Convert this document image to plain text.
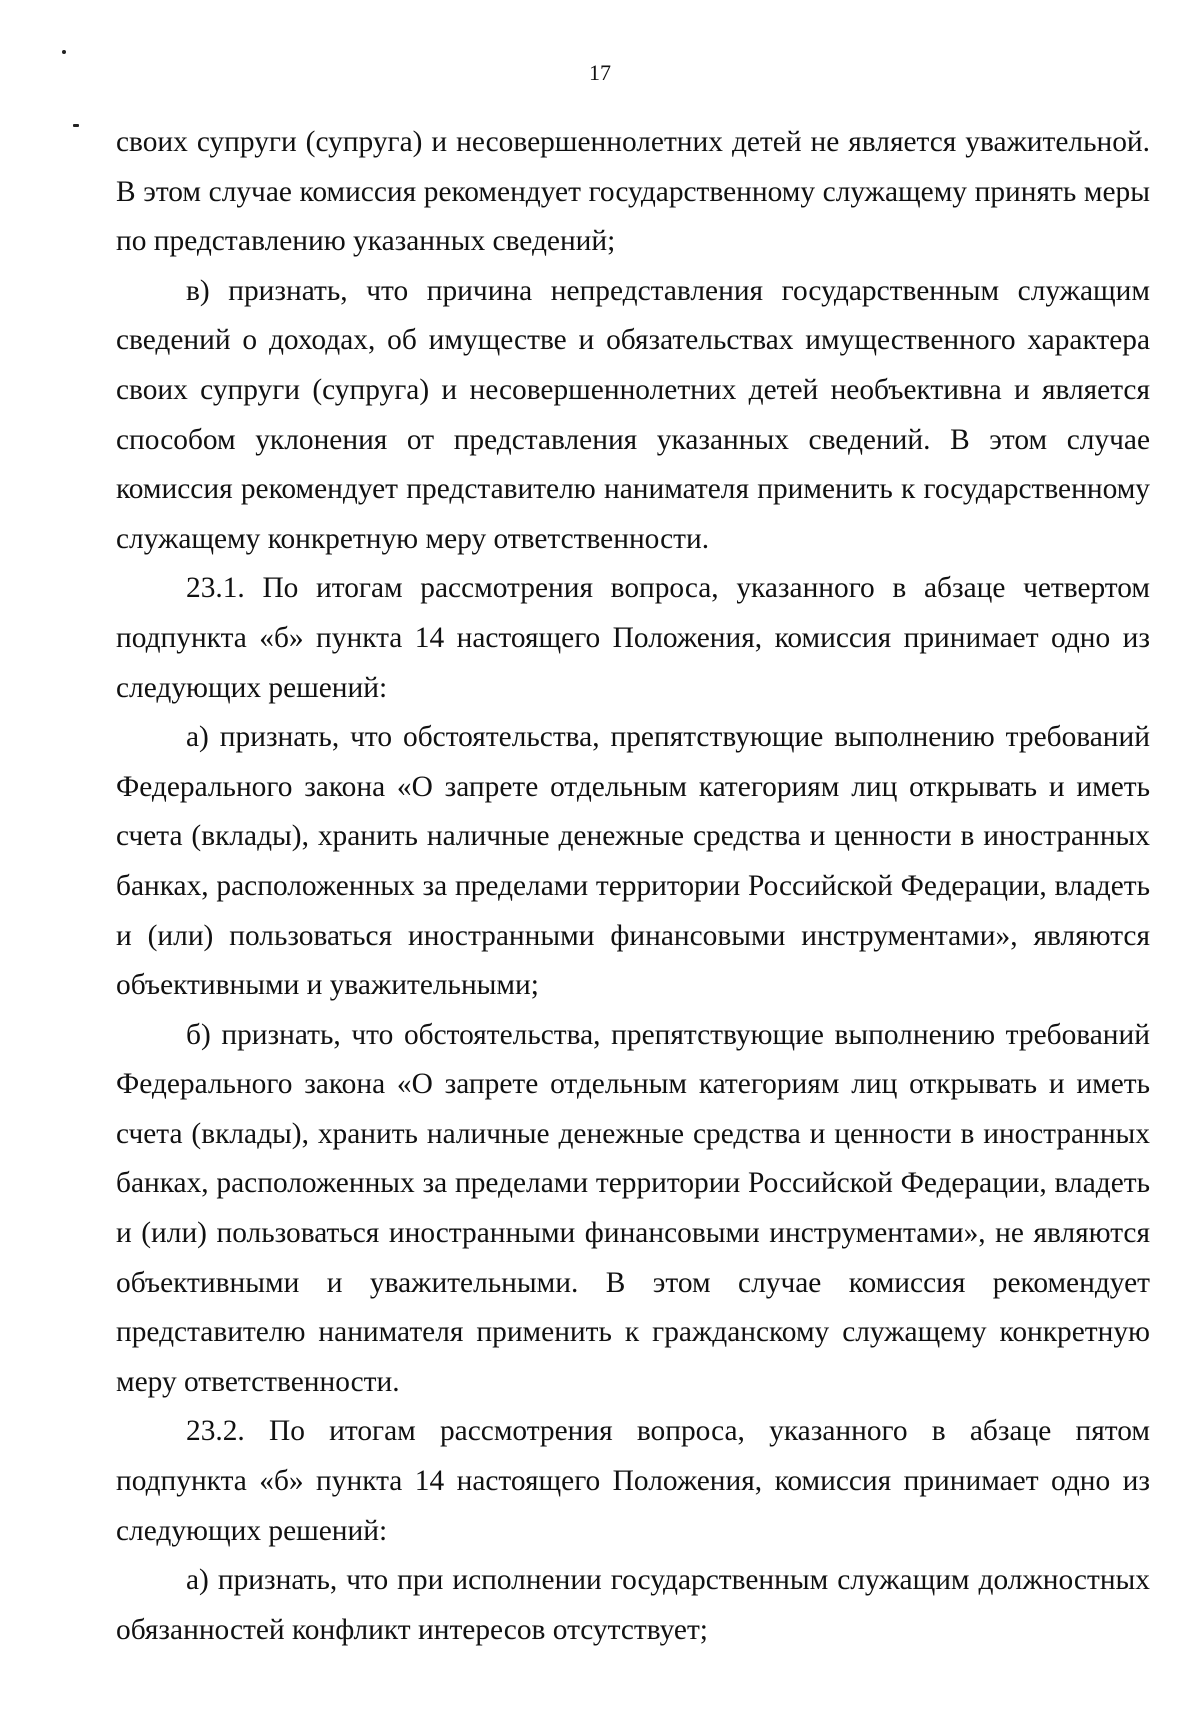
17

своих супруги (супруга) и несовершеннолетних детей не является уважительной. В этом случае комиссия рекомендует государственному служащему принять меры по представлению указанных сведений;

в) признать, что причина непредставления государственным служащим сведений о доходах, об имуществе и обязательствах имущественного характера своих супруги (супруга) и несовершеннолетних детей необъективна и является способом уклонения от представления указанных сведений. В этом случае комиссия рекомендует представителю нанимателя применить к государственному служащему конкретную меру ответственности.

23.1. По итогам рассмотрения вопроса, указанного в абзаце четвертом подпункта «б» пункта 14 настоящего Положения, комиссия принимает одно из следующих решений:

а) признать, что обстоятельства, препятствующие выполнению требований Федерального закона «О запрете отдельным категориям лиц открывать и иметь счета (вклады), хранить наличные денежные средства и ценности в иностранных банках, расположенных за пределами территории Российской Федерации, владеть и (или) пользоваться иностранными финансовыми инструментами», являются объективными и уважительными;

б) признать, что обстоятельства, препятствующие выполнению требований Федерального закона «О запрете отдельным категориям лиц открывать и иметь счета (вклады), хранить наличные денежные средства и ценности в иностранных банках, расположенных за пределами территории Российской Федерации, владеть и (или) пользоваться иностранными финансовыми инструментами», не являются объективными и уважительными. В этом случае комиссия рекомендует представителю нанимателя применить к гражданскому служащему конкретную меру ответственности.

23.2. По итогам рассмотрения вопроса, указанного в абзаце пятом подпункта «б» пункта 14 настоящего Положения, комиссия принимает одно из следующих решений:

а) признать, что при исполнении государственным служащим должностных обязанностей конфликт интересов отсутствует;
